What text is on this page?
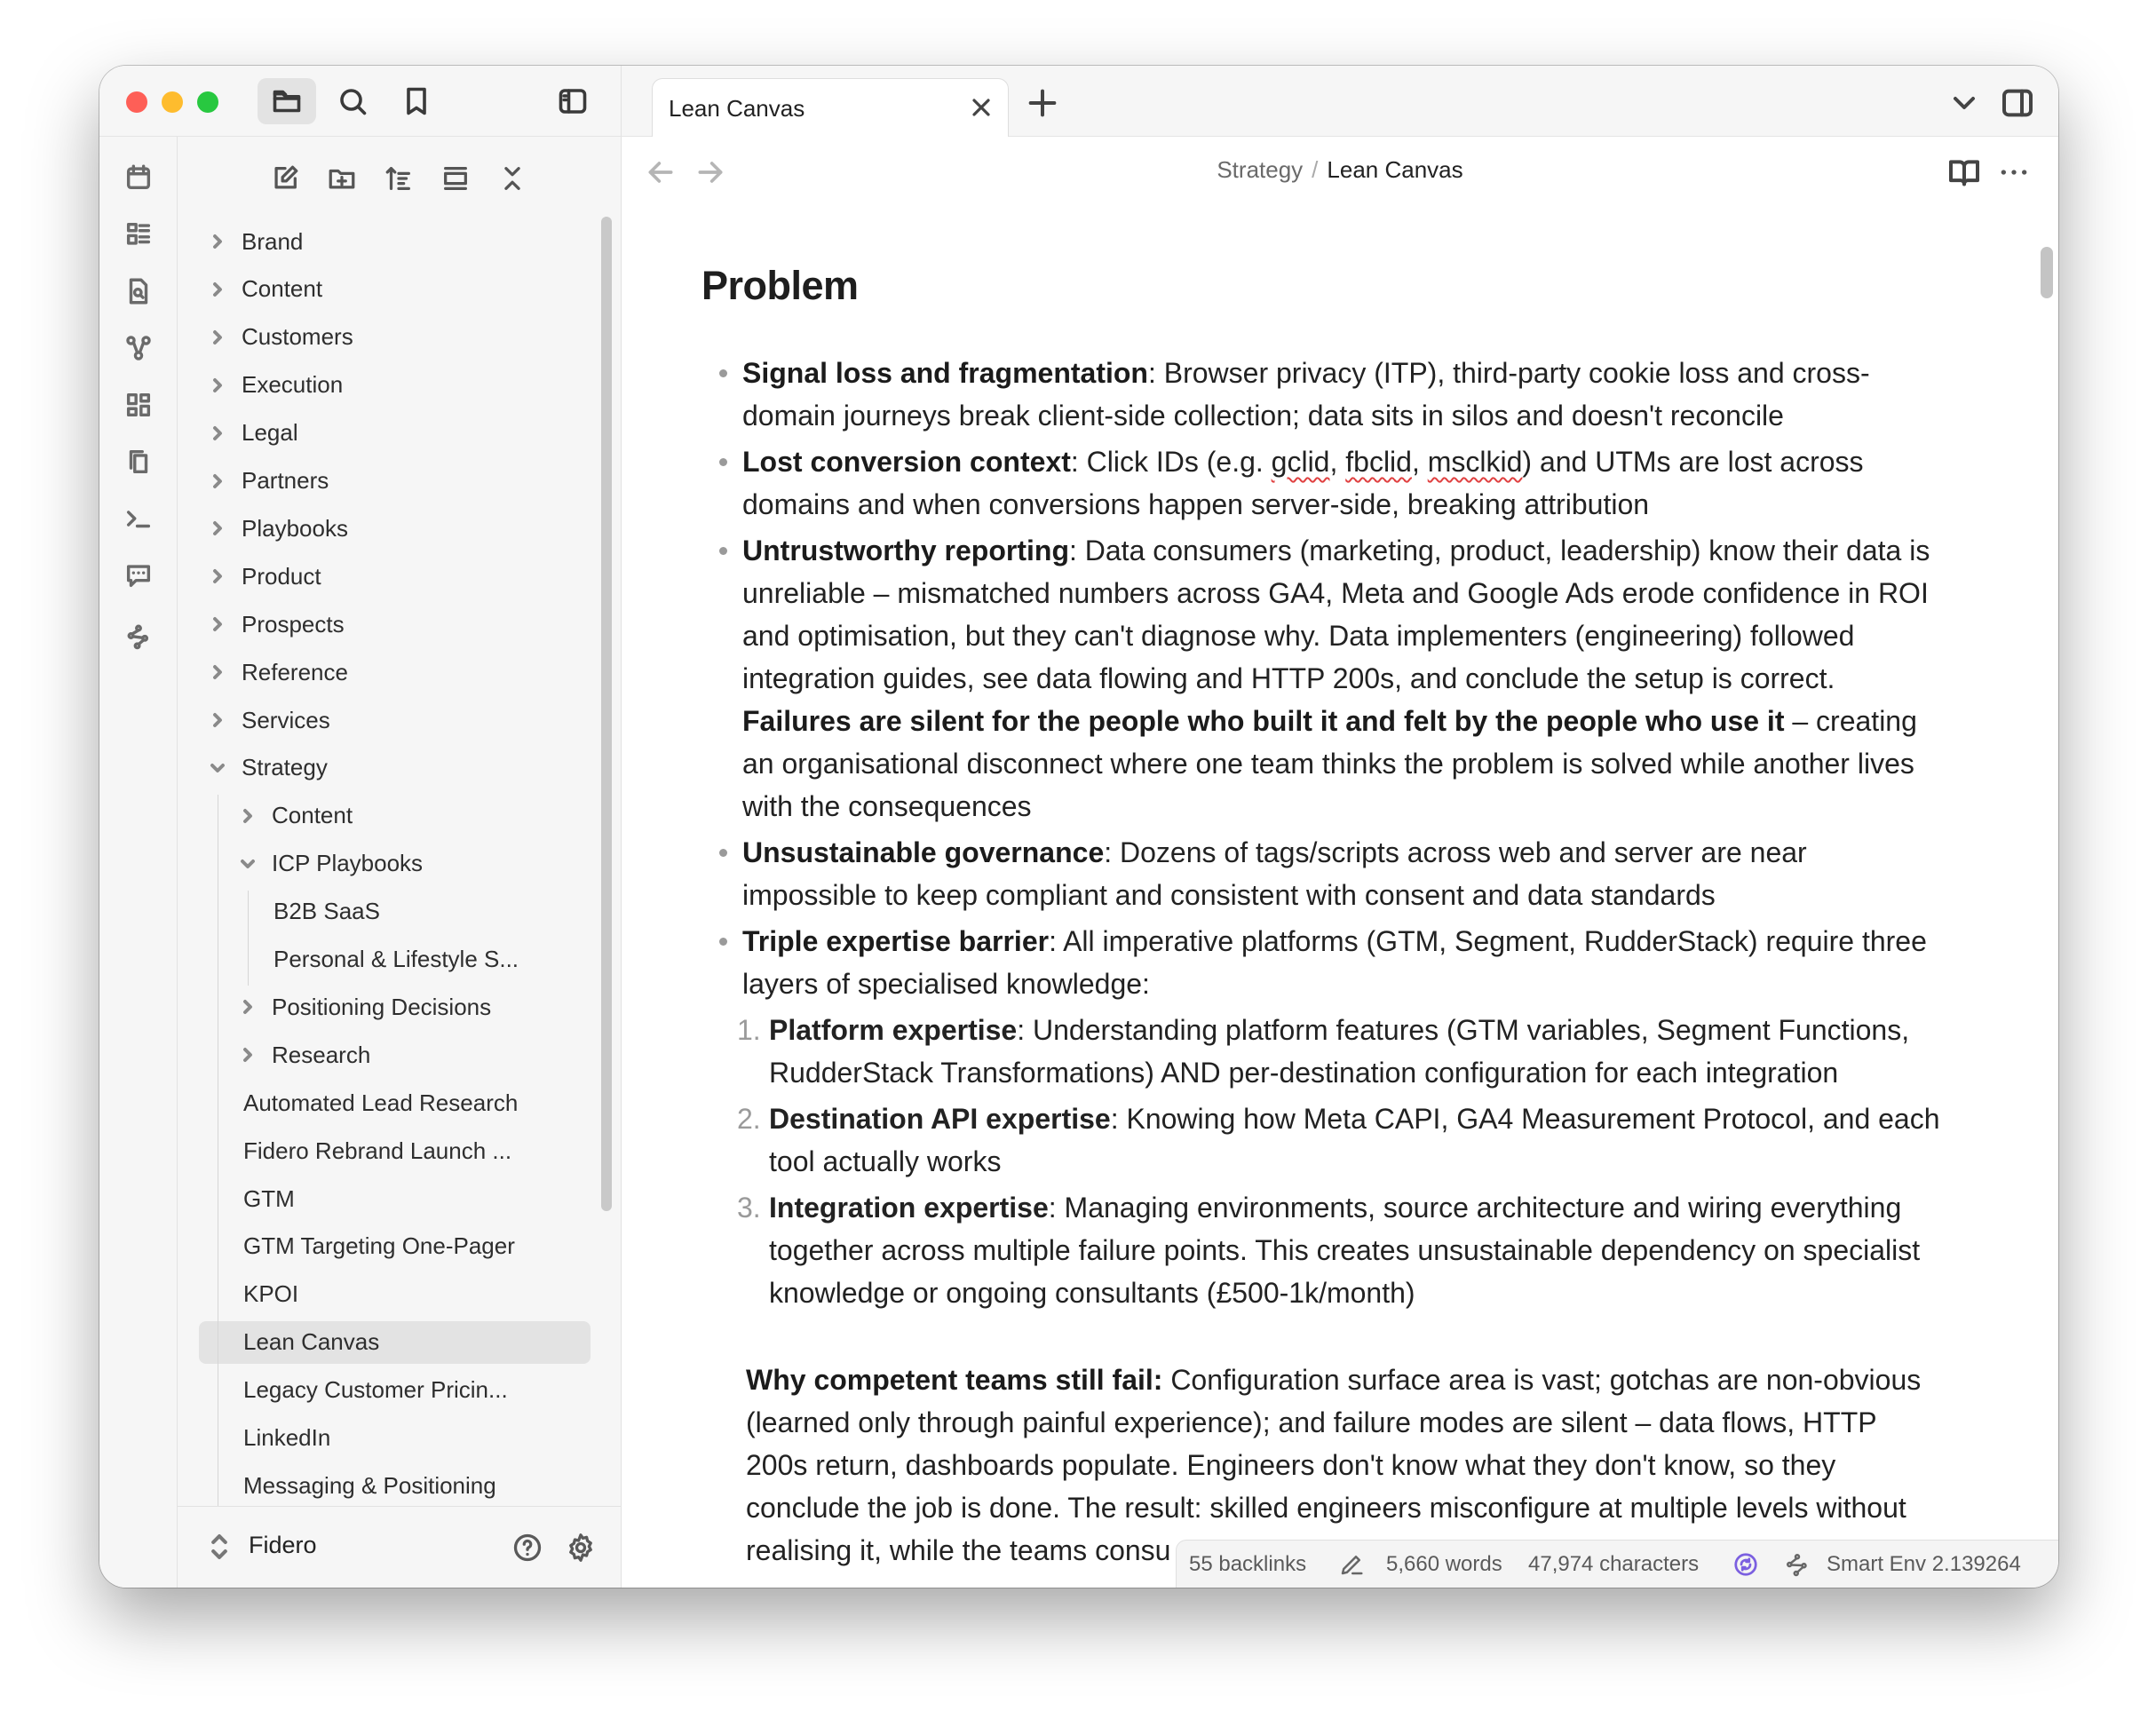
Brand
Content
Customers
Execution
Legal
Partners
Playbooks
Product
Prospects
Reference
Services
Strategy
Content
ICP Playbooks
B2B SaaS
Personal & Lifestyle S...
Positioning Decisions
Research
Automated Lead Research
Fidero Rebrand Launch ...
GTM
GTM Targeting One-Pager
KPOI
Lean Canvas
Legacy Customer Pricin...
LinkedIn
Messaging & Positioning
Fidero
Lean Canvas
Strategy / Lean Canvas
Problem
Signal loss and fragmentation: Browser privacy (ITP), third-party cookie loss and cross-domain journeys break client-side collection; data sits in silos and doesn't reconcile
Lost conversion context: Click IDs (e.g. gclid, fbclid, msclkid) and UTMs are lost across domains and when conversions happen server-side, breaking attribution
Untrustworthy reporting: Data consumers (marketing, product, leadership) know their data is unreliable – mismatched numbers across GA4, Meta and Google Ads erode confidence in ROI and optimisation, but they can't diagnose why. Data implementers (engineering) followed integration guides, see data flowing and HTTP 200s, and conclude the setup is correct. Failures are silent for the people who built it and felt by the people who use it – creating an organisational disconnect where one team thinks the problem is solved while another lives with the consequences
Unsustainable governance: Dozens of tags/scripts across web and server are near impossible to keep compliant and consistent with consent and data standards
Triple expertise barrier: All imperative platforms (GTM, Segment, RudderStack) require three layers of specialised knowledge:
1. Platform expertise: Understanding platform features (GTM variables, Segment Functions, RudderStack Transformations) AND per-destination configuration for each integration
2. Destination API expertise: Knowing how Meta CAPI, GA4 Measurement Protocol, and each tool actually works
3. Integration expertise: Managing environments, source architecture and wiring everything together across multiple failure points. This creates unsustainable dependency on specialist knowledge or ongoing consultants (£500-1k/month)

Why competent teams still fail: Configuration surface area is vast; gotchas are non-obvious (learned only through painful experience); and failure modes are silent – data flows, HTTP 200s return, dashboards populate. Engineers don't know what they don't know, so they conclude the job is done. The result: skilled engineers misconfigure at multiple levels without realising it, while the teams consu 55 backlinks	5,660 words 47,974 characters	Smart Env 2.139264
